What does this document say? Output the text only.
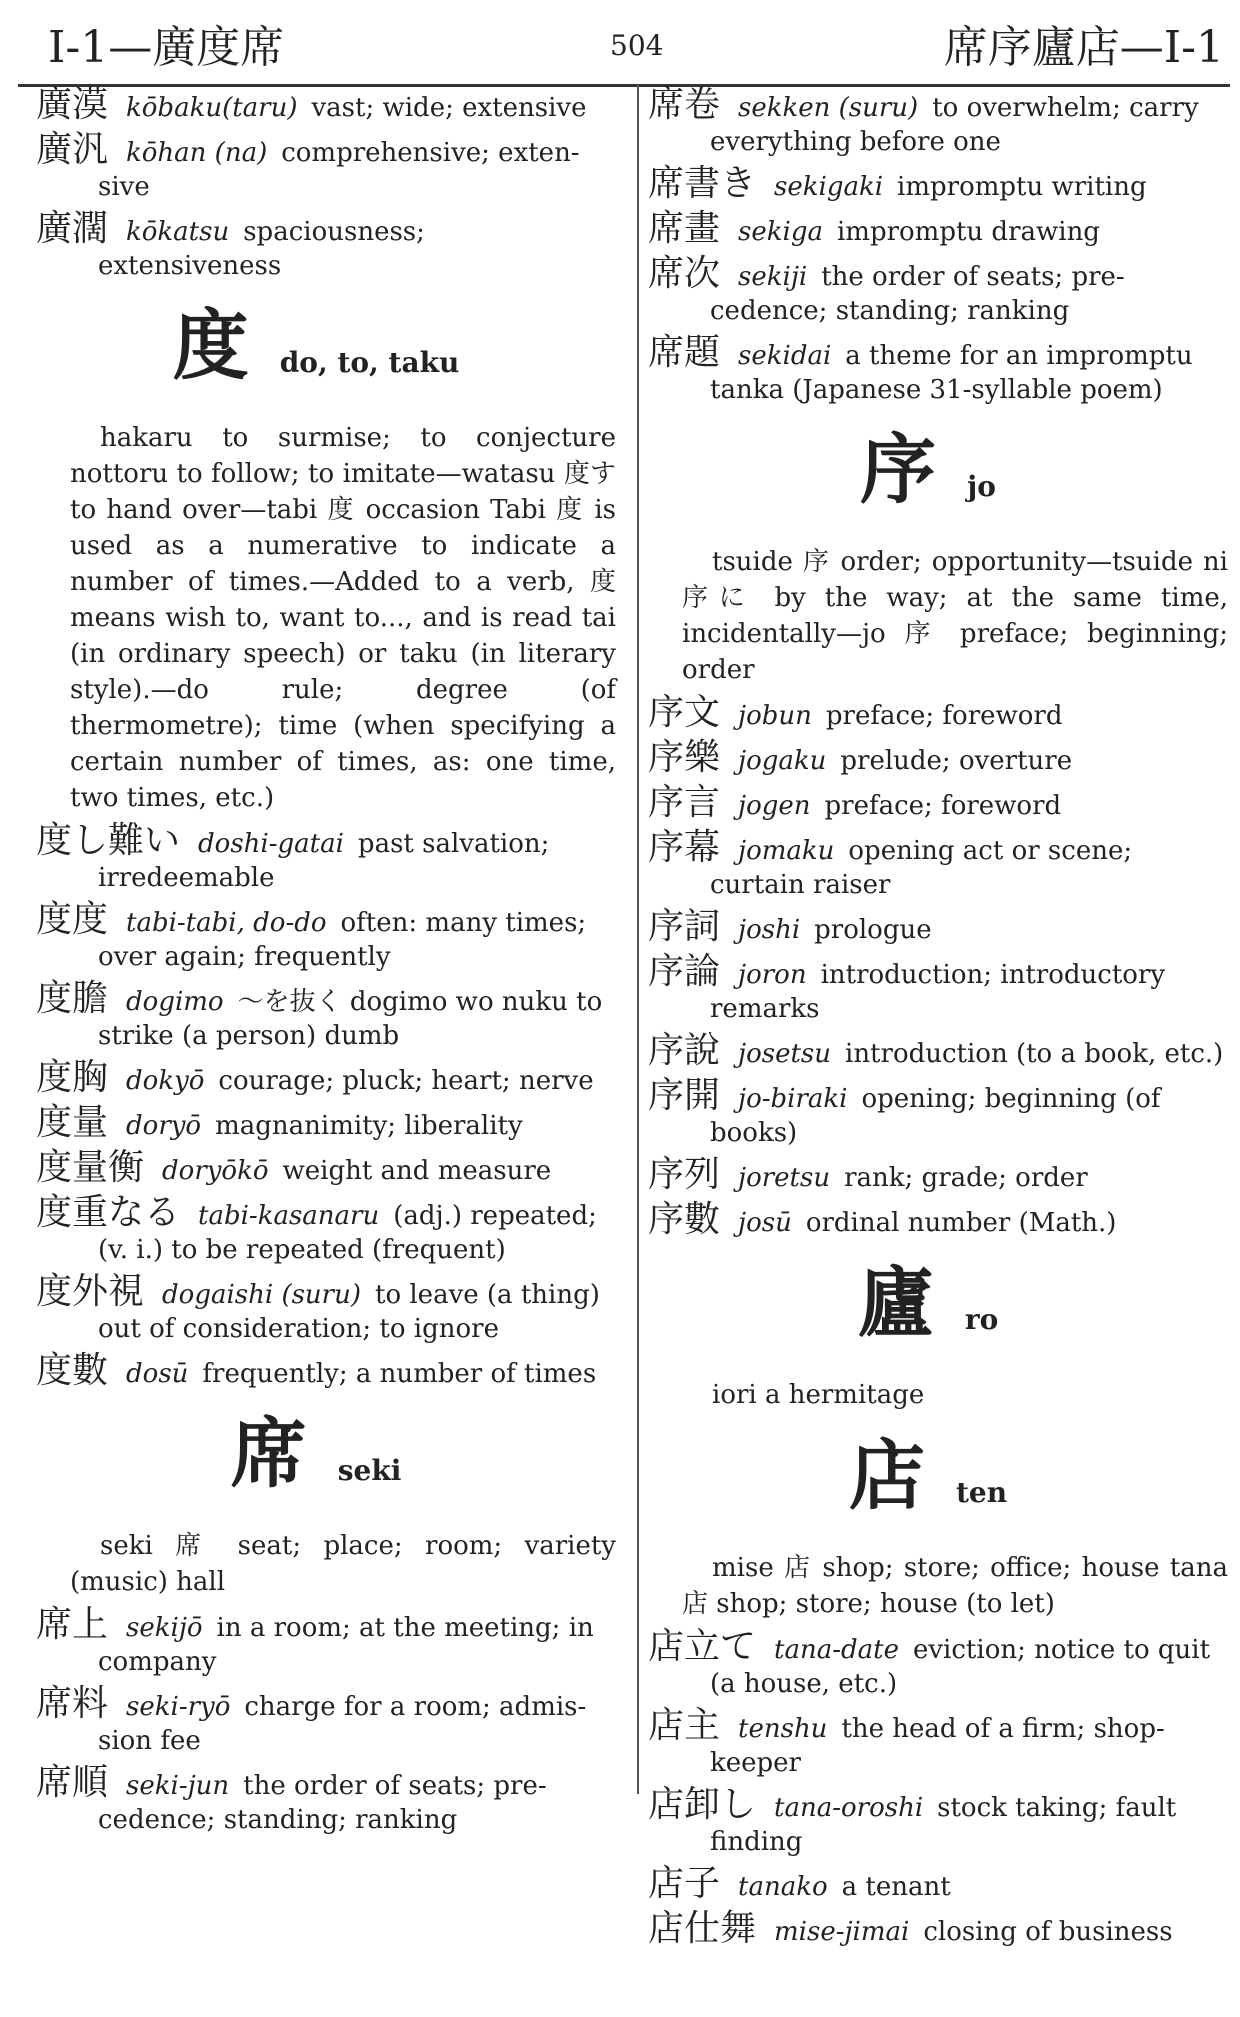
I-1—廣度席	504	席序廬店—I-1
廣漠 kōbaku(taru) vast; wide; extensive
廣汎 kōhan (na) comprehensive; exten-sive
廣濶 kōkatsu spaciousness; extensiveness
度 do, to, taku
hakaru to surmise; to conjecture nottoru to follow; to imitate—watasu 度す to hand over—tabi 度 occasion Tabi 度 is used as a numerative to indicate a number of times.—Added to a verb, 度 means wish to, want to..., and is read tai (in ordinary speech) or taku (in literary style).—do rule; degree (of thermometre); time (when specifying a certain number of times, as: one time, two times, etc.)
度し難い doshi-gatai past salvation; irredeemable
度度 tabi-tabi, do-do often: many times; over again; frequently
度膽 dogimo ～を抜く dogimo wo nuku to strike (a person) dumb
度胸 dokyō courage; pluck; heart; nerve
度量 doryō magnanimity; liberality
度量衡 doryōkō weight and measure
度重なる tabi-kasanaru (adj.) repeated; (v. i.) to be repeated (frequent)
度外視 dogaishi (suru) to leave (a thing) out of consideration; to ignore
度數 dosū frequently; a number of times
席 seki
seki 席 seat; place; room; variety (music) hall
席上 sekijō in a room; at the meeting; in company
席料 seki-ryō charge for a room; admis-sion fee
席順 seki-jun the order of seats; pre-cedence; standing; ranking
席卷 sekken (suru) to overwhelm; carry everything before one
席書き sekigaki impromptu writing
席畫 sekiga impromptu drawing
席次 sekiji the order of seats; pre-cedence; standing; ranking
席題 sekidai a theme for an impromptu tanka (Japanese 31-syllable poem)
序 jo
tsuide 序 order; opportunity—tsuide ni 序に by the way; at the same time, incidentally—jo 序 preface; beginning; order
序文 jobun preface; foreword
序樂 jogaku prelude; overture
序言 jogen preface; foreword
序幕 jomaku opening act or scene; curtain raiser
序詞 joshi prologue
序論 joron introduction; introductory remarks
序說 josetsu introduction (to a book, etc.)
序開 jo-biraki opening; beginning (of books)
序列 joretsu rank; grade; order
序數 josū ordinal number (Math.)
廬 ro
iori a hermitage
店 ten
mise 店 shop; store; office; house tana 店 shop; store; house (to let)
店立て tana-date eviction; notice to quit (a house, etc.)
店主 tenshu the head of a firm; shop-keeper
店卸し tana-oroshi stock taking; fault finding
店子 tanako a tenant
店仕舞 mise-jimai closing of business
